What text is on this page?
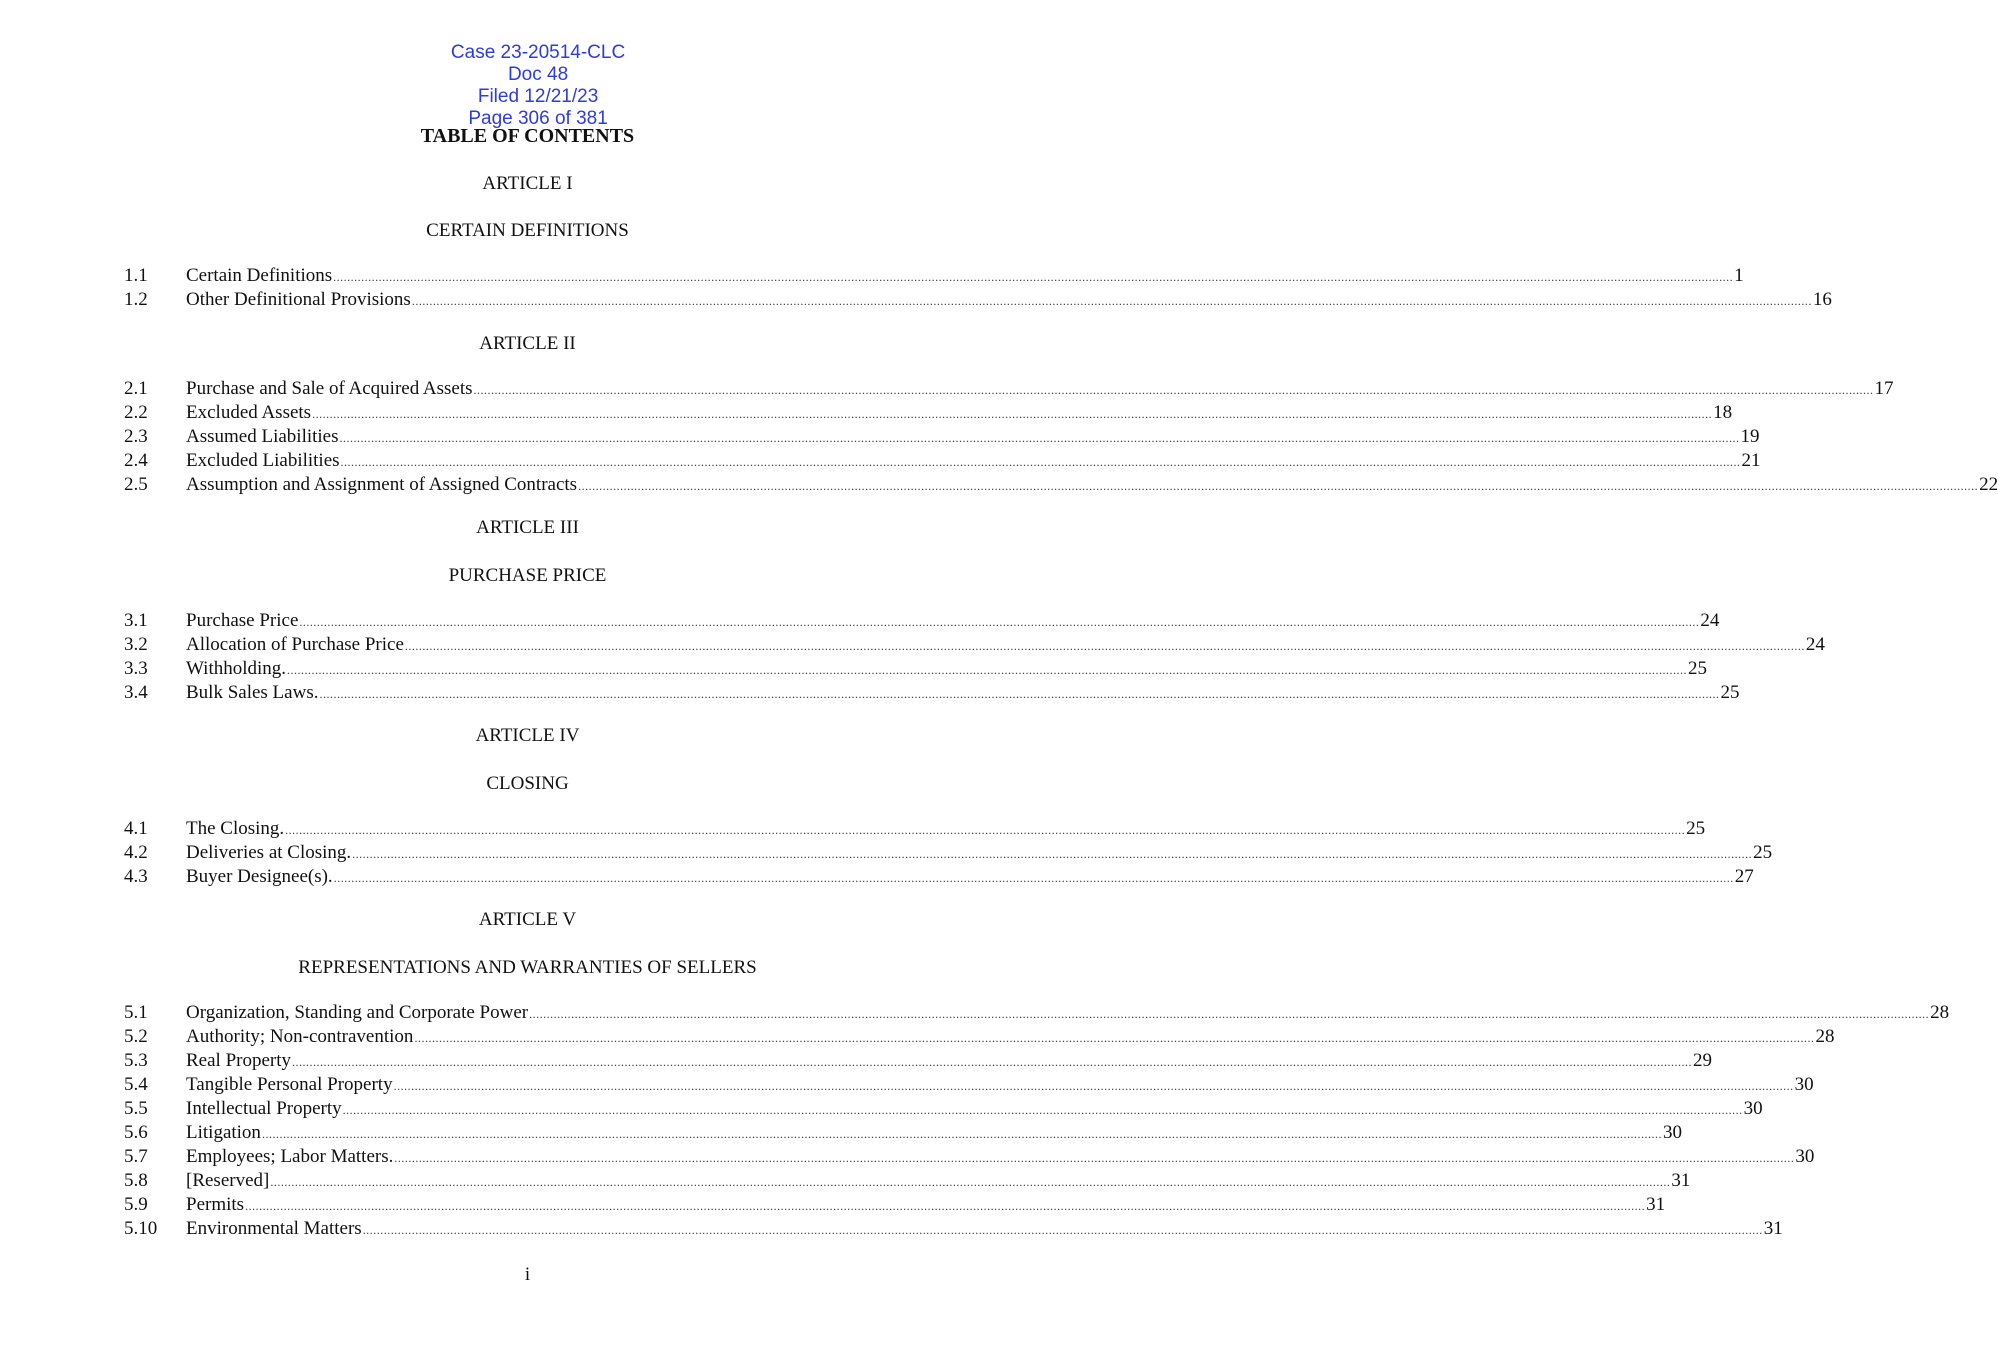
Case 23-20514-CLC
Doc 48
Filed 12/21/23
Page 306 of 381

TABLE OF CONTENTS
ARTICLE I
CERTAIN DEFINITIONS
ARTICLE II
ARTICLE III
PURCHASE PRICE
ARTICLE IV
CLOSING
ARTICLE V
REPRESENTATIONS AND WARRANTIES OF SELLERS
i
1.1	Certain Definitions ................................................................................................................................................................................................................................................................................................................................................................................................................ 1
1.2	Other Definitional Provisions ................................................................................................................................................................................................................................................................................................................................................................................................................ 16
2.1	Purchase and Sale of Acquired Assets ................................................................................................................................................................................................................................................................................................................................................................................................................ 17
2.2	Excluded Assets ................................................................................................................................................................................................................................................................................................................................................................................................................ 18
2.3	Assumed Liabilities ................................................................................................................................................................................................................................................................................................................................................................................................................ 19
2.4	Excluded Liabilities ................................................................................................................................................................................................................................................................................................................................................................................................................ 21
2.5	Assumption and Assignment of Assigned Contracts ................................................................................................................................................................................................................................................................................................................................................................................................................ 22
3.1	Purchase Price ................................................................................................................................................................................................................................................................................................................................................................................................................ 24
3.2	Allocation of Purchase Price ................................................................................................................................................................................................................................................................................................................................................................................................................ 24
3.3	Withholding. ................................................................................................................................................................................................................................................................................................................................................................................................................ 25
3.4	Bulk Sales Laws. ................................................................................................................................................................................................................................................................................................................................................................................................................ 25
4.1	The Closing. ................................................................................................................................................................................................................................................................................................................................................................................................................ 25
4.2	Deliveries at Closing. ................................................................................................................................................................................................................................................................................................................................................................................................................ 25
4.3	Buyer Designee(s). ................................................................................................................................................................................................................................................................................................................................................................................................................ 27
5.1	Organization, Standing and Corporate Power ................................................................................................................................................................................................................................................................................................................................................................................................................ 28
5.2	Authority; Non-contravention ................................................................................................................................................................................................................................................................................................................................................................................................................ 28
5.3	Real Property ................................................................................................................................................................................................................................................................................................................................................................................................................ 29
5.4	Tangible Personal Property ................................................................................................................................................................................................................................................................................................................................................................................................................ 30
5.5	Intellectual Property ................................................................................................................................................................................................................................................................................................................................................................................................................ 30
5.6	Litigation ................................................................................................................................................................................................................................................................................................................................................................................................................ 30
5.7	Employees; Labor Matters. ................................................................................................................................................................................................................................................................................................................................................................................................................ 30
5.8	[Reserved] ................................................................................................................................................................................................................................................................................................................................................................................................................ 31
5.9	Permits ................................................................................................................................................................................................................................................................................................................................................................................................................ 31
5.10	Environmental Matters ................................................................................................................................................................................................................................................................................................................................................................................................................ 31
